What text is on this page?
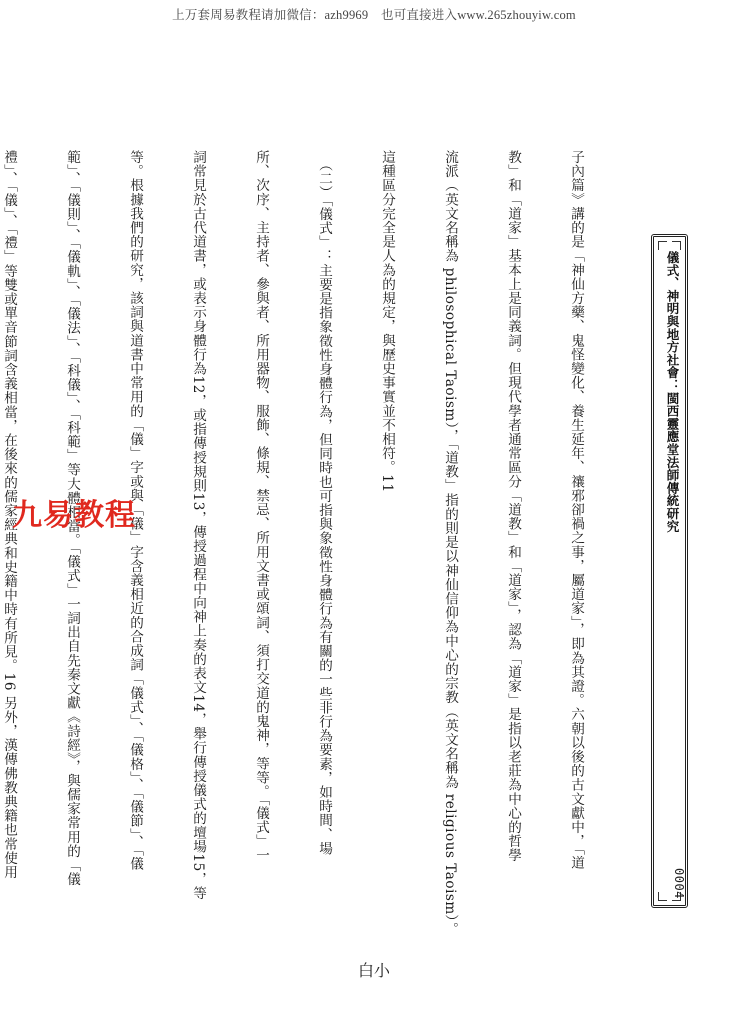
上万套周易教程请加微信：azh9969　也可直接进入www.265zhouyiw.com
儀式、神明與地方社會：閩西靈應堂法師傳統研究
0004

子內篇》講的是「神仙方藥、鬼怪變化、養生延年、禳邪卻禍之事，屬道家」，即為其證。六朝以後的古文獻中，「道

教」和「道家」基本上是同義詞。但現代學者通常區分「道教」和「道家」，認為「道家」是指以老莊為中心的哲學

流派（英文名稱為 philosophical Taoism），「道教」指的則是以神仙信仰為中心的宗教（英文名稱為 religious Taoism）。

這種區分完全是人為的規定，與歷史事實並不相符。11

　（二）「儀式」：主要是指象徵性身體行為，但同時也可指與象徵性身體行為有關的一些非行為要素，如時間、場

所、次序、主持者、參與者、所用器物、服飾、條規、禁忌、所用文書或頌詞、須打交道的鬼神，等等。「儀式」一

詞常見於古代道書，或表示身體行為12，或指傳授規則13，傳授過程中向神上奏的表文14，舉行傳授儀式的壇場15，等

等。根據我們的研究，該詞與道書中常用的「儀」字或與「儀」字含義相近的合成詞「儀式」、「儀格」、「儀節」、「儀

範」、「儀則」、「儀軌」、「儀法」、「科儀」、「科範」等大體相當。「儀式」一詞出自先秦文獻《詩經》，與儒家常用的「儀

禮」、「儀」、「禮」等雙或單音節詞含義相當，在後來的儒家經典和史籍中時有所見。16 另外，漢傳佛教典籍也常使用

九易教程
白小
